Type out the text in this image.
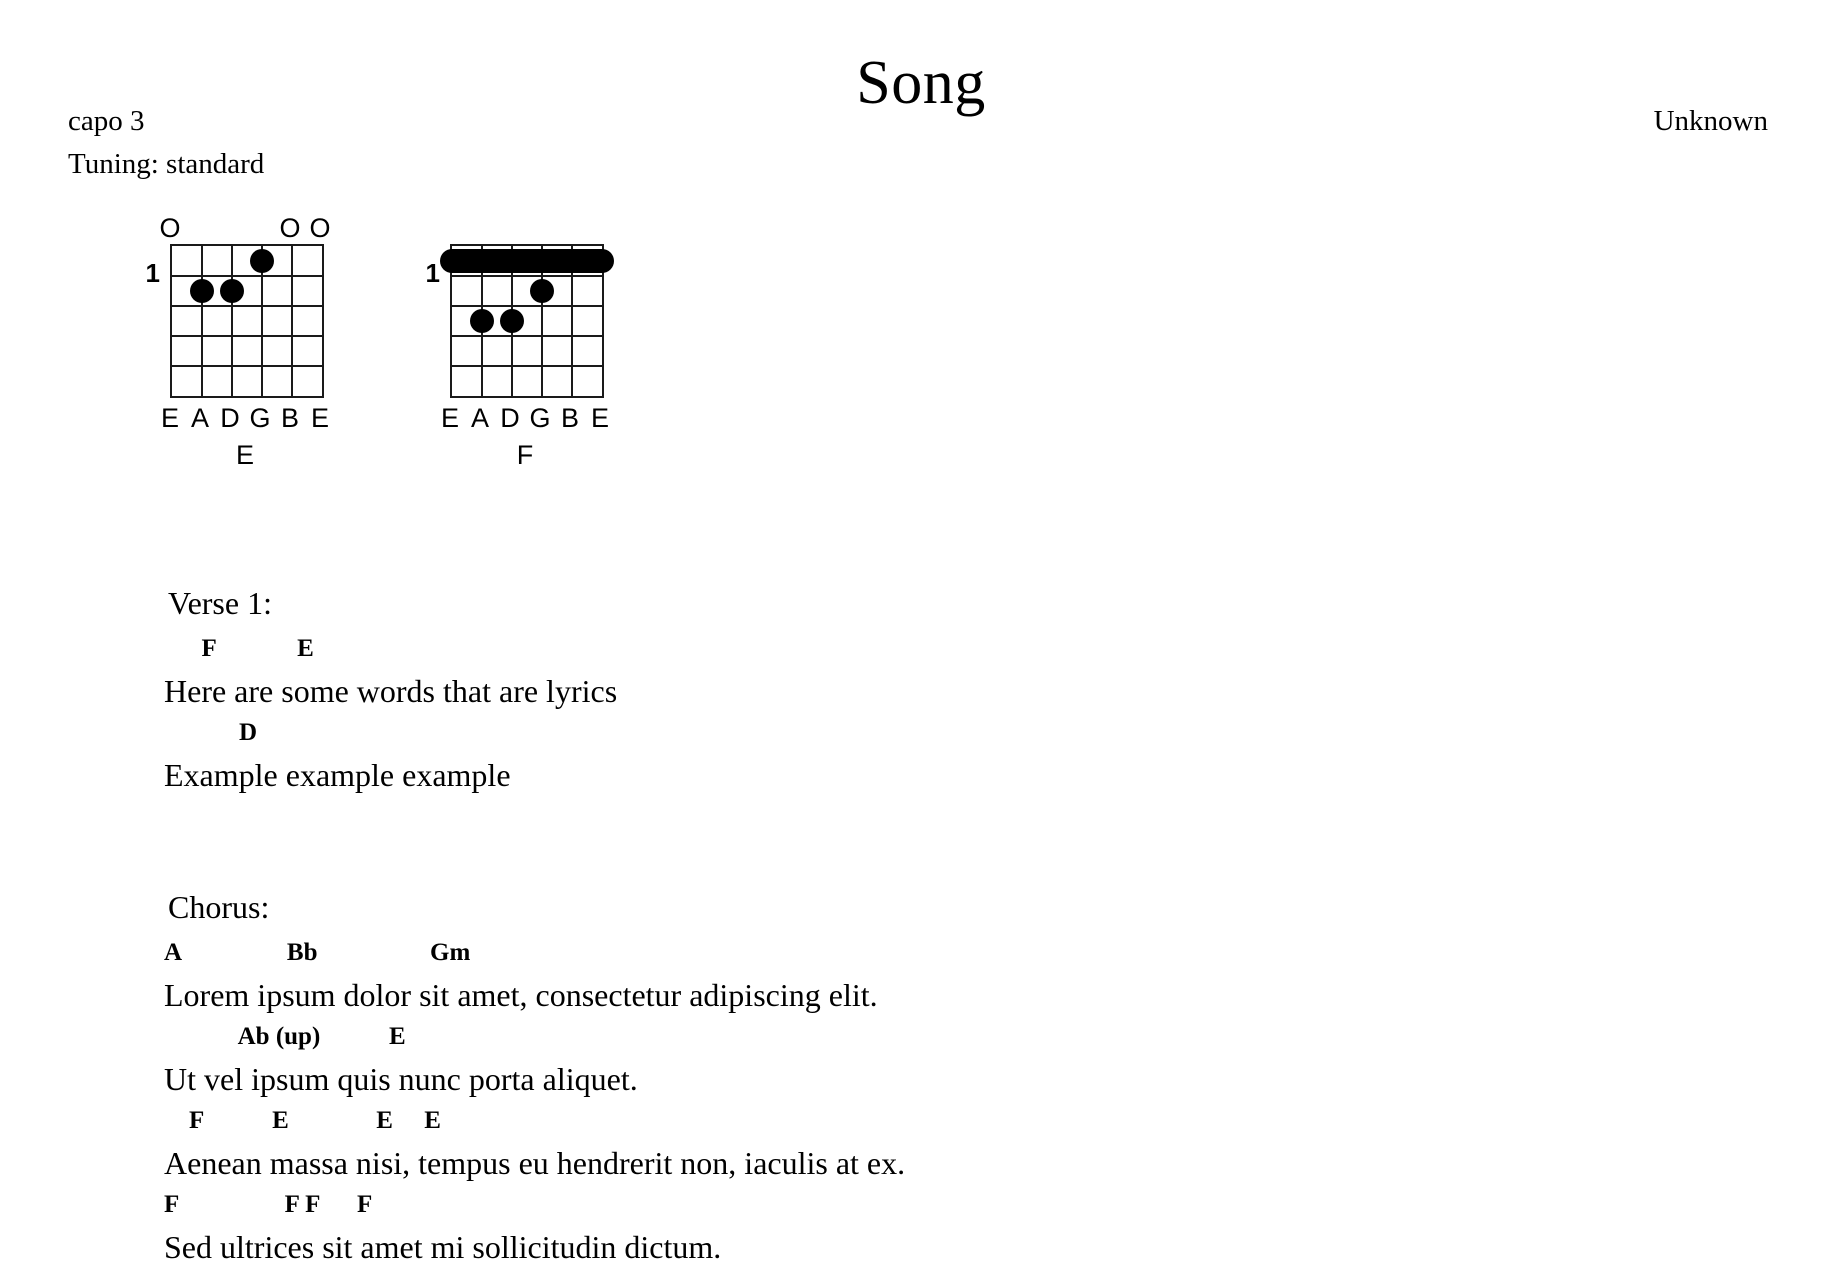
Song
capo 3	Unknown
Tuning: standard
O	O O
1
E A D G B E
E
1
E A D G B E
F
Verse 1:
F             E
Here are some words that are lyrics
D
Example example example
Chorus:
A                 Bb                  Gm
Lorem ipsum dolor sit amet, consectetur adipiscing elit.
Ab (up)           E
Ut vel ipsum quis nunc porta aliquet.
F           E              E     E
Aenean massa nisi, tempus eu hendrerit non, iaculis at ex.
F                 F F      F
Sed ultrices sit amet mi sollicitudin dictum.
